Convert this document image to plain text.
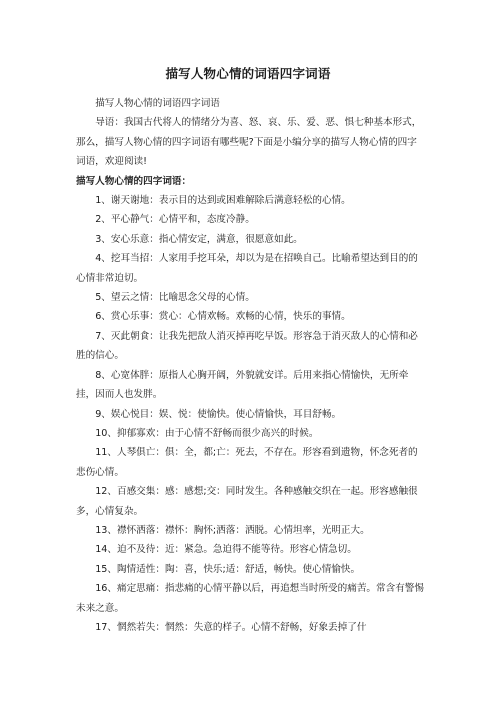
描写人物心情的词语四字词语

描写人物心情的词语四字词语

导语：我国古代将人的情绪分为喜、怒、哀、乐、爱、恶、惧七种基本形式，那么，描写人物心情的四字词语有哪些呢?下面是小编分享的描写人物心情的四字词语，欢迎阅读!

描写人物心情的四字词语：

1、谢天谢地：表示目的达到或困难解除后满意轻松的心情。

2、平心静气：心情平和，态度冷静。

3、安心乐意：指心情安定，满意，很愿意如此。

4、挖耳当招：人家用手挖耳朵，却以为是在招唤自己。比喻希望达到目的的心情非常迫切。

5、望云之情：比喻思念父母的心情。

6、赏心乐事：赏心：心情欢畅。欢畅的心情，快乐的事情。

7、灭此朝食：让我先把敌人消灭掉再吃早饭。形容急于消灭敌人的心情和必胜的信心。

8、心宽体胖：原指人心胸开阔，外貌就安详。后用来指心情愉快，无所牵挂，因而人也发胖。

9、娱心悦目：娱、悦：使愉快。使心情愉快，耳目舒畅。

10、抑郁寡欢：由于心情不舒畅而很少高兴的时候。

11、人琴俱亡：俱：全，都;亡：死去，不存在。形容看到遗物，怀念死者的悲伤心情。

12、百感交集：感：感想;交：同时发生。各种感触交织在一起。形容感触很多，心情复杂。

13、襟怀洒落：襟怀：胸怀;洒落：洒脱。心情坦率，光明正大。

14、迫不及待：近：紧急。急迫得不能等待。形容心情急切。

15、陶情适性：陶：喜，快乐;适：舒适，畅快。使心情愉快。

16、痛定思痛：指悲痛的心情平静以后，再追想当时所受的痛苦。常含有警惕未来之意。

17、惘然若失：惘然：失意的样子。心情不舒畅，好象丢掉了什
